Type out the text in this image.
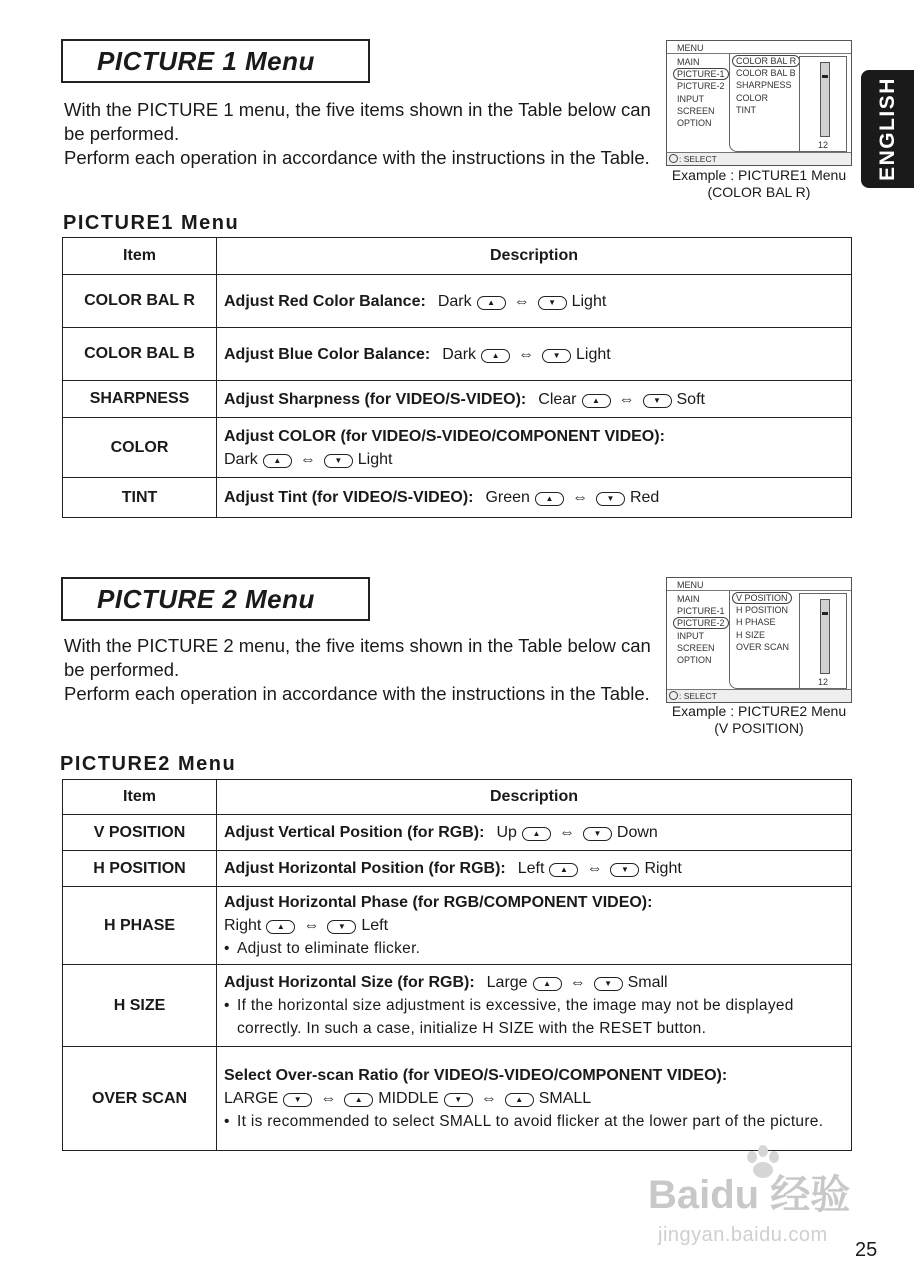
PICTURE 1 Menu
With the PICTURE 1 menu, the five items shown in the Table below can be performed.
Perform each operation in accordance with the instructions in the Table.
MENU
MAIN
PICTURE-1
PICTURE-2
INPUT
SCREEN
OPTION
COLOR BAL R
COLOR BAL B
SHARPNESS
COLOR
TINT
12
: SELECT
Example : PICTURE1 Menu
(COLOR BAL R)
ENGLISH
PICTURE1 Menu
Item	Description
COLOR BAL R	Adjust Red Color Balance: Dark ▲ ⇔ ▼ Light

COLOR BAL B	Adjust Blue Color Balance: Dark ▲ ⇔ ▼ Light

SHARPNESS	Adjust Sharpness (for VIDEO/S-VIDEO): Clear ▲ ⇔ ▼ Soft

COLOR	Adjust COLOR (for VIDEO/S-VIDEO/COMPONENT VIDEO):
Dark ▲ ⇔ ▼ Light

TINT	Adjust Tint (for VIDEO/S-VIDEO): Green ▲ ⇔ ▼ Red
PICTURE 2 Menu
With the PICTURE 2 menu, the five items shown in the Table below can be performed.
Perform each operation in accordance with the instructions in the Table.
MENU
MAIN
PICTURE-1
PICTURE-2
INPUT
SCREEN
OPTION
V POSITION
H POSITION
H PHASE
H SIZE
OVER SCAN
12
: SELECT
Example : PICTURE2 Menu
(V POSITION)
PICTURE2 Menu
Item	Description
V POSITION	Adjust Vertical Position (for RGB): Up ▲ ⇔ ▼ Down

H POSITION	Adjust Horizontal Position (for RGB): Left ▲ ⇔ ▼ Right

H PHASE	Adjust Horizontal Phase (for RGB/COMPONENT VIDEO):
Right ▲ ⇔ ▼ Left
• Adjust to eliminate flicker.

H SIZE	Adjust Horizontal Size (for RGB): Large ▲ ⇔ ▼ Small
• If the horizontal size adjustment is excessive, the image may not be displayed correctly. In such a case, initialize H SIZE with the RESET button.

OVER SCAN	Select Over-scan Ratio (for VIDEO/S-VIDEO/COMPONENT VIDEO):
LARGE ▼ ⇔ ▲ MIDDLE ▼ ⇔ ▲ SMALL
• It is recommended to select SMALL to avoid flicker at the lower part of the picture.
Baidu 经验
jingyan.baidu.com
25
